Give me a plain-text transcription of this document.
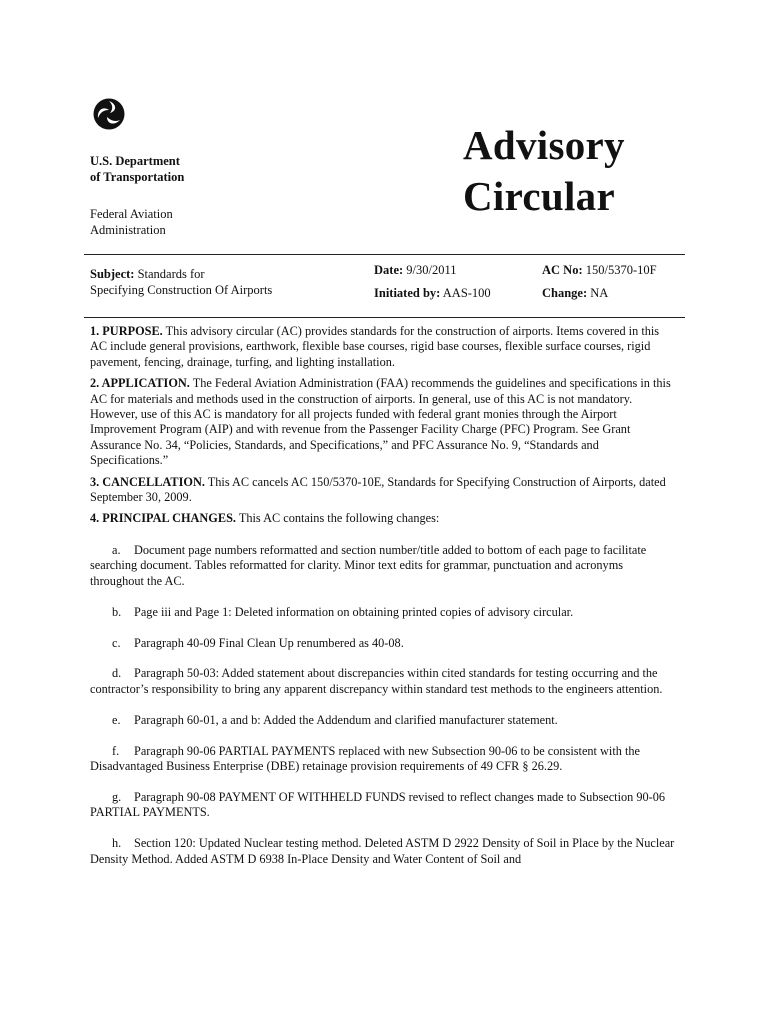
U.S. Department
of Transportation
Federal Aviation
Administration
Advisory
Circular
Subject: Standards for
Specifying Construction Of Airports
Date: 9/30/2011
Initiated by: AAS-100
AC No: 150/5370-10F
Change: NA

1. PURPOSE. This advisory circular (AC) provides standards for the construction of airports. Items covered in this AC include general provisions, earthwork, flexible base courses, rigid base courses, flexible surface courses, rigid pavement, fencing, drainage, turfing, and lighting installation.

2. APPLICATION. The Federal Aviation Administration (FAA) recommends the guidelines and specifications in this AC for materials and methods used in the construction of airports. In general, use of this AC is not mandatory. However, use of this AC is mandatory for all projects funded with federal grant monies through the Airport Improvement Program (AIP) and with revenue from the Passenger Facility Charge (PFC) Program. See Grant Assurance No. 34, “Policies, Standards, and Specifications,” and PFC Assurance No. 9, “Standards and Specifications.”

3. CANCELLATION. This AC cancels AC 150/5370-10E, Standards for Specifying Construction of Airports, dated September 30, 2009.

4. PRINCIPAL CHANGES. This AC contains the following changes:

a. Document page numbers reformatted and section number/title added to bottom of each page to facilitate searching document. Tables reformatted for clarity. Minor text edits for grammar, punctuation and acronyms throughout the AC.

b. Page iii and Page 1: Deleted information on obtaining printed copies of advisory circular.

c. Paragraph 40-09 Final Clean Up renumbered as 40-08.

d. Paragraph 50-03: Added statement about discrepancies within cited standards for testing occurring and the contractor’s responsibility to bring any apparent discrepancy within standard test methods to the engineers attention.

e. Paragraph 60-01, a and b: Added the Addendum and clarified manufacturer statement.

f. Paragraph 90-06 PARTIAL PAYMENTS replaced with new Subsection 90-06 to be consistent with the Disadvantaged Business Enterprise (DBE) retainage provision requirements of 49 CFR § 26.29.

g. Paragraph 90-08 PAYMENT OF WITHHELD FUNDS revised to reflect changes made to Subsection 90-06 PARTIAL PAYMENTS.

h. Section 120: Updated Nuclear testing method. Deleted ASTM D 2922 Density of Soil in Place by the Nuclear Density Method. Added ASTM D 6938 In-Place Density and Water Content of Soil and
